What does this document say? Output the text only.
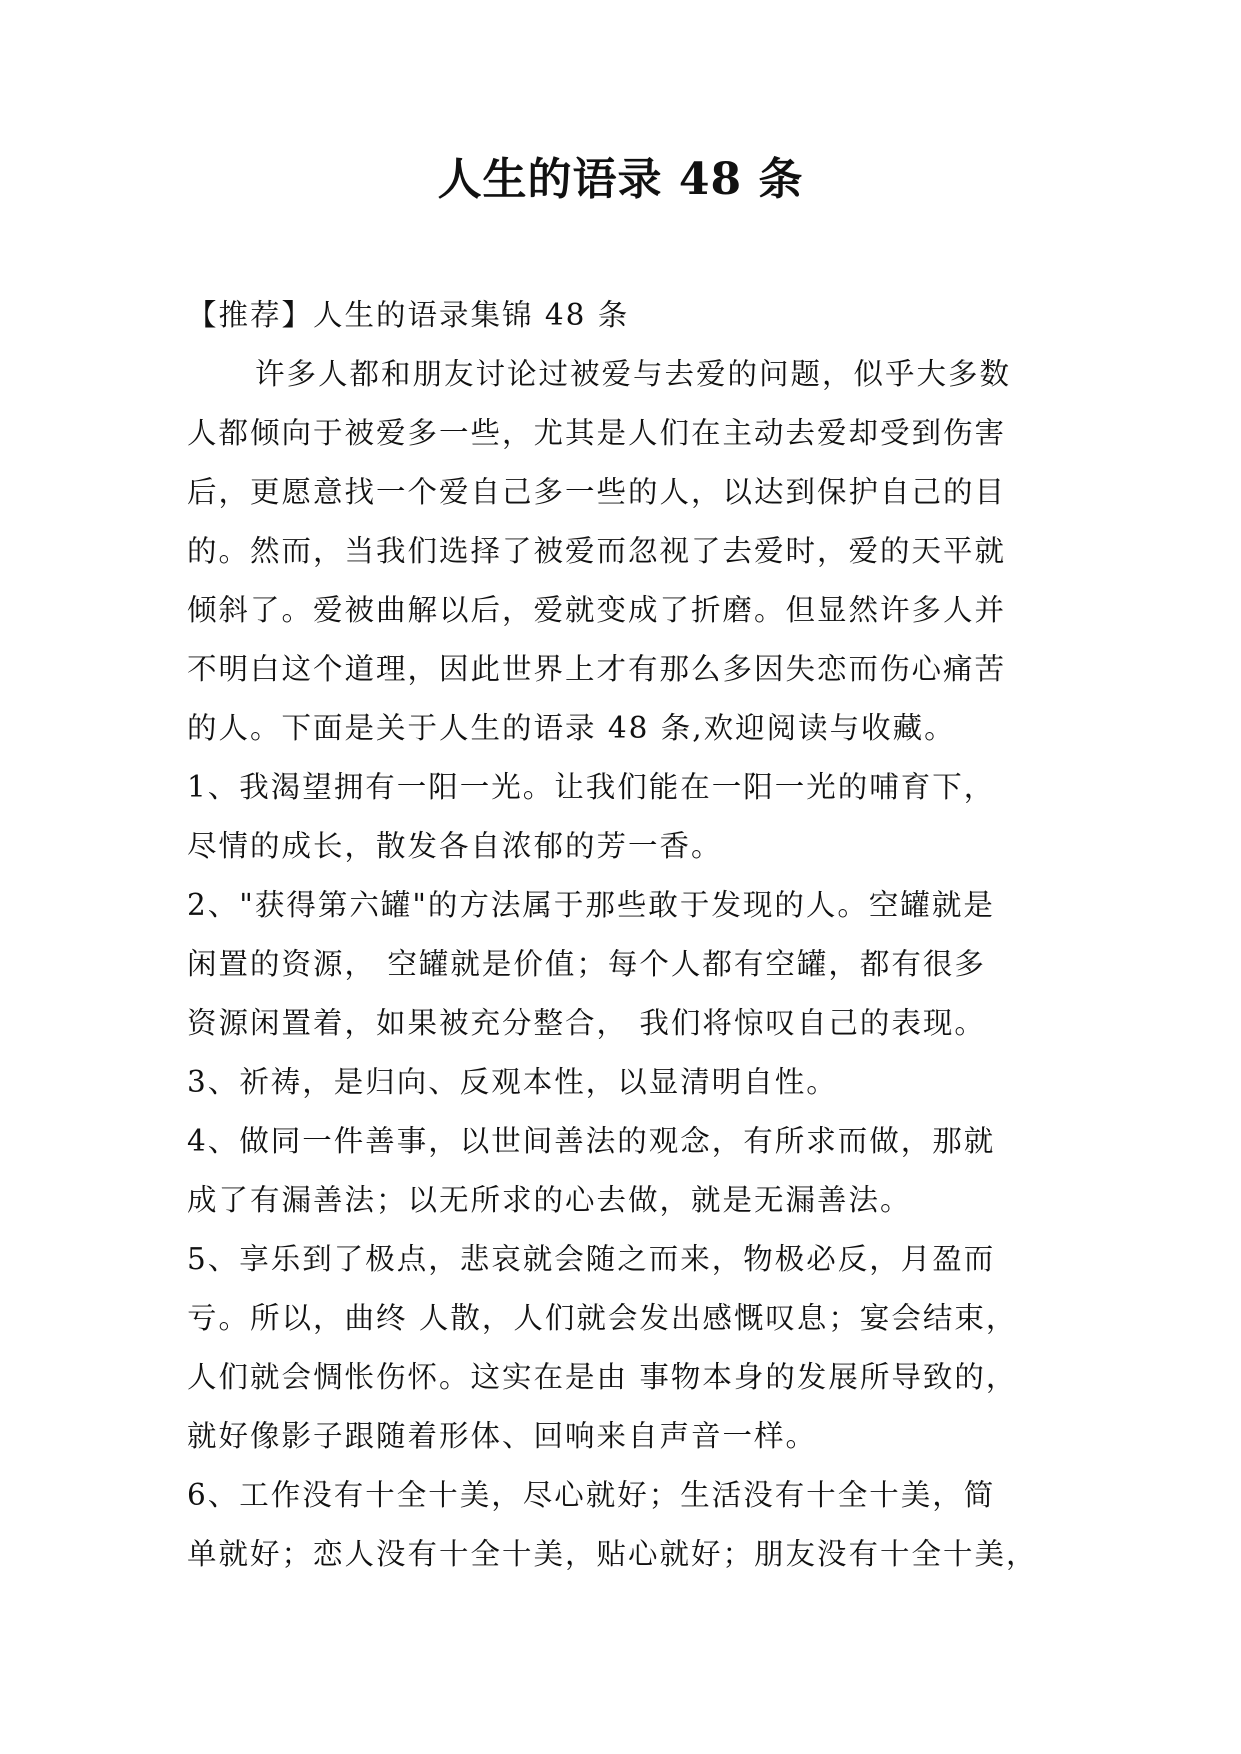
人生的语录 48 条
【推荐】人生的语录集锦 48 条
许多人都和朋友讨论过被爱与去爱的问题，似乎大多数
人都倾向于被爱多一些，尤其是人们在主动去爱却受到伤害
后，更愿意找一个爱自己多一些的人，以达到保护自己的目
的。然而，当我们选择了被爱而忽视了去爱时，爱的天平就
倾斜了。爱被曲解以后，爱就变成了折磨。但显然许多人并
不明白这个道理，因此世界上才有那么多因失恋而伤心痛苦
的人。下面是关于人生的语录 48 条,欢迎阅读与收藏。
1、我渴望拥有一阳一光。让我们能在一阳一光的哺育下，
尽情的成长，散发各自浓郁的芳一香。
2、"获得第六罐"的方法属于那些敢于发现的人。空罐就是
闲置的资源， 空罐就是价值；每个人都有空罐，都有很多
资源闲置着，如果被充分整合， 我们将惊叹自己的表现。
3、祈祷，是归向、反观本性，以显清明自性。
4、做同一件善事，以世间善法的观念，有所求而做，那就
成了有漏善法；以无所求的心去做，就是无漏善法。
5、享乐到了极点，悲哀就会随之而来，物极必反，月盈而
亏。所以，曲终 人散，人们就会发出感慨叹息；宴会结束，
人们就会惆怅伤怀。这实在是由 事物本身的发展所导致的，
就好像影子跟随着形体、回响来自声音一样。
6、工作没有十全十美，尽心就好；生活没有十全十美，简
单就好；恋人没有十全十美，贴心就好；朋友没有十全十美，
